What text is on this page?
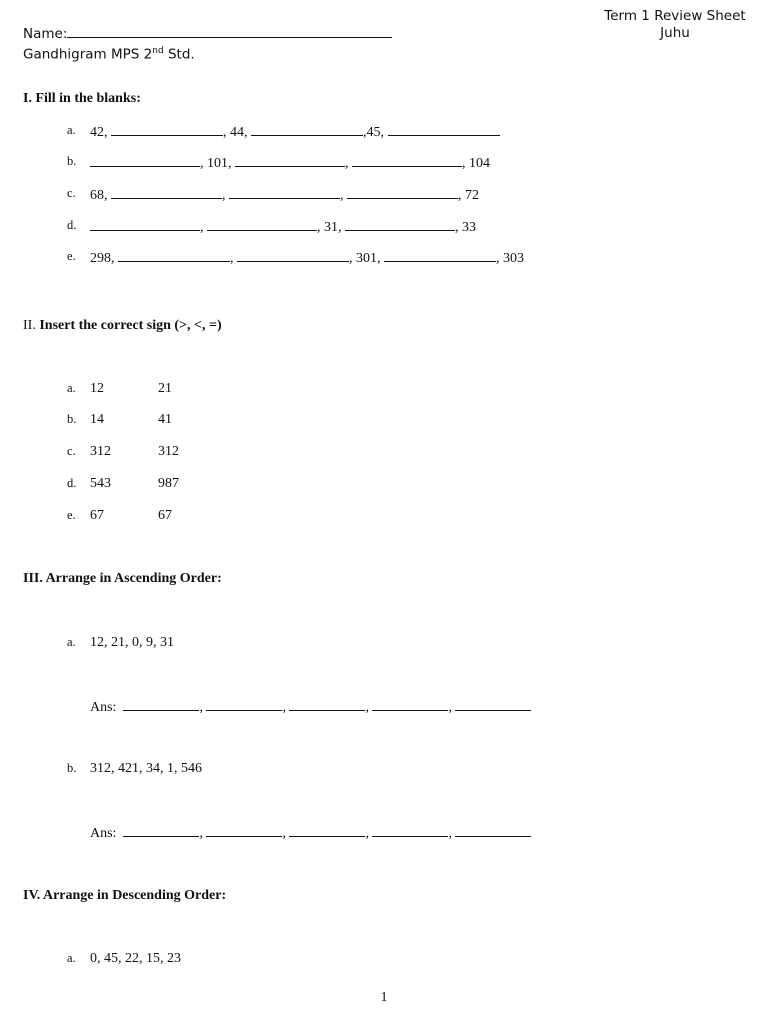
Term 1 Review Sheet
Juhu
Name:
Gandhigram MPS 2nd Std.
I. Fill in the blanks:
a. 42,	, 44,	,45,
b.	, 101,	,	, 104
c. 68,	,	,	, 72
d.	,	, 31,	, 33
e. 298,	,	, 301,	, 303
II. Insert the correct sign (>, <, =)
a. 12	21
b. 14	41
c. 312	312
d. 543	987
e. 67	67
III. Arrange in Ascending Order:
a. 12, 21, 0, 9, 31
Ans:	,	,	,	,
b. 312, 421, 34, 1, 546
Ans:	,	,	,	,
IV. Arrange in Descending Order:
a. 0, 45, 22, 15, 23
1
